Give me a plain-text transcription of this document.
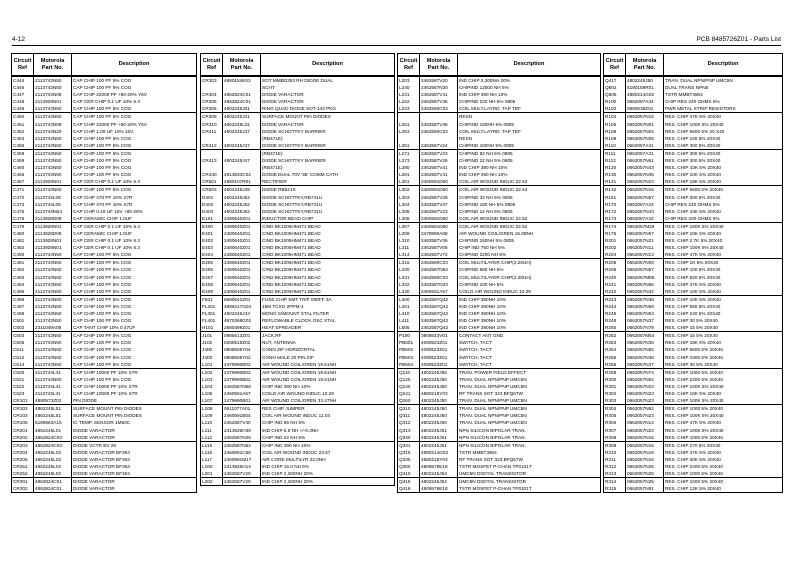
4-12	PCB 8485726Z01 - Parts List
Circuit
Ref	Motorola
Part No.	Description
C444	2113743N50	CAP CHIP 100 PF 5% COG
C445	2113743N50	CAP CHIP 100 PF 5% COG
C447	2113743N08	CAP CHIP 22000 PF +80-20% Y5V
C448	2113928N01	CAP CER CHIP 0.1 UF 10% 6.3
C449	2113743N50	CAP CHIP 100 PF 5% COG
C450	2113743N50	CAP CHIP 100 PF 5% COG
C451	2113743N08	CAP CHIP 22000 PF +80-20% Y5V
C452	2113743N29	CAP CHIP 1.00 UF 10% 16V
C453	2113743N50	CAP CHIP 100 PF 5% COG
C456	2113743N50	CAP CHIP 100 PF 5% COG
C458	2113743N50	CAP CHIP 100 PF 5% COG
C459	2113743N50	CAP CHIP 100 PF 5% COG
C460	2113743N50	CAP CHIP 100 PF 5% COG
C466	2113743N50	CAP CHIP 100 PF 5% COG
C467	2113928N01	CAP CER CHIP 0.1 UF 10% 6.3
C471	2113743N50	CAP CHIP 100 PF 5% COG
C472	2113743L09	CAP CHIP 470 PF 10% X7R
C473	2113743L09	CAP CHIP 470 PF 10% X7R
C475	2113743M24	CAP CHIP 0.10 UF 16V +80-20%
C476	2113928D08	CAP CERAMIC CHIP 1.0UF
C479	2113928N01	CAP CER CHIP 0.1 UF 10% 6.3
C480	2113928D08	CAP CERAMIC CHIP 1.0UF
C481	2113928N01	CAP CER CHIP 0.1 UF 10% 6.3
C482	2113928N01	CAP CER CHIP 0.1 UF 10% 6.3
C490	2113743N50	CAP CHIP 100 PF 5% COG
C491	2113743N50	CAP CHIP 100 PF 5% COG
C492	2113743N50	CAP CHIP 100 PF 5% COG
C493	2113743N50	CAP CHIP 100 PF 5% COG
C494	2113743N50	CAP CHIP 100 PF 5% COG
C495	2113743N50	CAP CHIP 100 PF 5% COG
C496	2113743N50	CAP CHIP 100 PF 5% COG
C497	2113743N50	CAP CHIP 100 PF 5% COG
C498	2113743N50	CAP CHIP 100 PF 5% COG
C501	2113743N50	CAP CHIP 100 PF 5% COG
C502	2311049A08	CAP TANT CHIP 10% 0.47UF
C503	2113743N50	CAP CHIP 100 PF 5% COG
C505	2113743N50	CAP CHIP 100 PF 5% COG
C511	2113743N50	CAP CHIP 100 PF 5% COG
C512	2113743N50	CAP CHIP 100 PF 5% COG
C514	2113743N50	CAP CHIP 100 PF 5% COG
C520	2113743L41	CAP CHIP 10000 PF 10% X7R
C521	2113743N50	CAP CHIP 100 PF 5% COG
C522	2113743L41	CAP CHIP 10000 PF 10% X7R
C523	2113743L41	CAP CHIP 10000 PF 10% X7R
CR101	4880973Z02	PIN DIODE
CR102	4862245L51	SURFACE MOUNT PIN DIODES
CR103	4862245L51	SURFACE MOUNT PIN DIODES
CR105	5185963A15	IC TEMP. SENSOR 1M50C
CR201	4862245L01	DIODE VARACTOR
CR202	4862824C03	DIODE VARACTOR
CR203	4862824C03	DIODE VCTR BV 28
CR204	4862245L02	DIODE VARACTOR BF363
CR205	4862245L02	DIODE VARACTOR BF363
CR251	4862245L02	DIODE VARACTOR BF363
CR252	4862245L02	DIODE VARACTOR BF363
CR301	4862824C01	DIODE VARACTOR
CR302	4862824C01	DIODE VARACTOR
Circuit
Ref	Motorola
Part No.	Description
CR303	4880154K03	SOT MMBD353 RH DIODE DUAL
		SCHT
CR304	4862824C01	DIODE VARACTOR
CR305	4862824C01	DIODE VARACTOR
CR306	4802245J01	RING QUAD DIODE SOT-143 PKG
CR308	4802245J21	SURFACE MOUNT PIN DIODES
CR310	4862245L01	DIODE VARACTOR
CR411	4802245J47	DIODE SCHOTTKY BARRIER
		(RB471E)
CR412	4802245J47	DIODE SCHOTTKY BARRIER
		(RB471E)
CR413	4802245J47	DIODE SCHOTTKY BARRIER
		(RB471E)
CR440	4813833C02	DIODE DUAL 70V '55' COMM CATH
CR501	4880107R01	RECTIFIER
CR503	4802245J49	DIODE RB521S
D401	4802245J62	DIODE SCHOTTKY,RB731U
D402	4802245J62	DIODE SCHOTTKY,RB731U
D403	4802245J62	DIODE SCHOTTKY,RB731U
E101	2480640Z01	INDUCTOR BEAD CHIP
E400	2480640Z01	CIND BK1005HM471 BEAD
E401	2480640Z01	CIND BK1005HM471 BEAD
E402	2480640Z01	CIND BK1005HM471 BEAD
E403	2480640Z01	CIND BK1005HM471 BEAD
E404	2480640Z01	CIND BK1005HM471 BEAD
E405	2480640Z01	CIND BK1005HM471 BEAD
E406	2480640Z01	CIND BK1005HM471 BEAD
E407	2480640Z01	CIND BK1005HM471 BEAD
E408	2480640Z01	CIND BK1005HM471 BEAD
E409	2480640Z01	CIND BK1005HM471 BEAD
F501	6580542Z01	FUSE CHIP SMT TR/F 008FF 3A
FL201	4886217G04	16M TCXO 2PPM-4
FL301	4802245J43	MONO.S/MOUNT XTAL FILTER
FL401	4870368G02	REFLOWABLE CLOCK OSC XTAL
H101	2680499Z01	HEAT SPREADER
J101	0985613Z01	JACK,RF
J102	0280519Z02	NUT, ANTENNA
J400	0905505Y04	CONN ZIF HORIZONTAL
J403	0905505Y02	CONN MALE 20 PIN ZIF
L101	2479990B02	AIR WOUND COIL/GREN 19.61NH
L102	2479990B02	AIR WOUND COIL/GREN 19.61NH
L103	2479990B02	AIR WOUND COIL/GREN 19.61NH
L104	2462587N68	CHIP IND 390 NH 10%
L106	2460591A67	COILD AIR WOUND INDUC 10.29
L107	2479990B01	AIR WOUND COIL/GREN 33.47NH
L108	0611077A01	RES CHIP JUMPER
L109	2460591B04	COIL AIR WOUND INDUC 11.03
L110	2462587V40	CHIP IND 56 NH 5%
L111	2413926H39	IND CHIP 6.8 NH +/-0.3NH
L112	2462587N45	CHIP IND 22 NH 5%
L115	2462587N62	CHIP IND 390 NH 10%
L116	2460591C56	COIL AIR WOUND INDUC 23.57
L117	2460591M17	AIR CORE MULTILYR 22.0NH
L160	2413926H14	IND CHIP 15.0 NH 5%
L201	2462587V20	IND CHIP 2,200NH 20%
L202	2462587V20	IND CHIP 2,200NH 20%
Circuit
Ref	Motorola
Part No.	Description
L203	2462587V20	IND CHIP 2,200NH 20%
L240	2462587N30	CHIPIND 12000 NH 5%
L241	2462587V41	IND CHIP 390 NH 10%
L242	2462587V36	CHIPIND 220 NH 5% 0805
L243	2462590C02	COIL MULT.LAYRD. TAP TEF
		RESN
L251	2462587V36	CHIPIND 150NH 5% 0805
L253	2462590C02	COIL MULT.LAYRD. TAP TEF
		RESN
L261	2462587V24	CHIPIND 100NH 5% 0805
L271	2462587V23	CHIPIND 82 NH 5% 0805
L273	2462587V26	CHIPIND 22 NH 5% 0805
L280	2462587V41	IND CHIP 390 NH 10%
L281	2462587V41	IND CHIP 390 NH 10%
L301	2460591D60	COIL AIR WOUND INDUC 22.54
L302	2460591D60	COIL AIR WOUND INDUC 22.54
L303	2462587V28	CHIPIND 33 NH 5% 0805
L304	2462587V37	CHIPIND 180 NH 5% 0805
L305	2462587V23	CHIPIND 12 NH 5% 0805
L306	2460591D60	COIL AIR WOUND INDUC 22.54
L307	2460591D60	COIL AIR WOUND INDUC 22.54
L309	2479990A08	AIR WOUND COIL/GREN 15.08NH
L310	2462587V36	CHIPIND 150NH 5% 0805
L311	2462587V05	CHIP IND 750 NH 5%
L314	2462587V72	CHIPIND 2200 NH 5%
L315	2462590C03	COIL MULTILAYER CHIP(2.20UH)
L330	2462587N64	CHIPIND 680 NH 5%
L331	2462590C03	COIL MULTILAYER CHIP(2.20UH)
L332	2462587N33	CHIPIND 100 NH 5%
L340	2460591A67	COILD AIR WOUND INDUC 10.29
L400	2462587Q42	IND CHIP 390NH 10%
L401	2462587Q42	IND CHIP 390NH 10%
L410	2462587Q42	IND CHIP 390NH 10%
L411	2462587Q42	IND CHIP 390NH 10%
L505	2462587Q42	IND CHIP 390NH 10%
P100	3905643V01	CONTACT ANT GND
PB501	4080523Z01	SWITCH, TACT
PB502	4080523Z01	SWITCH, TACT
PB503	4080523Z01	SWITCH, TACT
PB504	4080523Z01	SWITCH, TACT
Q110	4802245J55	TRAN. POWER FIELD EFFECT
Q120	4802245J50	TRAN. DUAL NPN/PNP UMC5N
Q240	4802245J50	TRAN. DUAL NPN/PNP UMC5N
Q241	4880218Y03	RF TRANS SOT 323 BFQ67W
Q260	4802245J50	TRAN. DUAL NPN/PNP UMC5N
Q310	4802245J50	TRAN. DUAL NPN/PNP UMC5N
Q311	4802245J50	TRAN. DUAL NPN/PNP UMC5N
Q312	4802245J50	TRAN. DUAL NPN/PNP UMC5N
Q313	4802245J51	NPN SILICON BIPOLAR TRAN.
Q340	4802245J51	NPN SILICON BIPOLAR TRAN.
Q341	4802245J51	NPN SILICON BIPOLAR TRAN.
Q315	4880214G02	TSTR MMBT3904
Q330	4880218Y03	RF TRANS SOT 323 BFQ67W
Q400	4809579E18	TSTR MOSFET P-CHAN TP0101T
Q410	4802245J54	UMC5N DIGITAL TRANSISTOR
Q415	4802245J54	UMC5N DIGITAL TRANSISTOR
Q416	4809579E18	TSTR MOSFET P-CHAN TP0101T
Circuit
Ref	Motorola
Part No.	Description
Q417	4802245J50	TRAN. DUAL NPN/PNP UMC5N
Q502	5180159R01	DUAL TRANS NPN5
Q505	4880214G02	TSTR MMBT3904
R100	0662057A34	CHIP RES 240 OHMS 5%
R102	0680539Z01	PWR METAL STRIP RESISTORS
R104	0662057N15	RES. CHIP 47K 5% 20X40
R106	0662057N01	RES. CHIP 100K 5% 20X40
R108	0662057N04	RES. CHIP 5600 5% 20 X40
R109	0662057N05	RES. CHIP 100 5% 20X40
R110	0662057A31	RES. CHIP 300 5% 20X40
R111	0662057A31	RES. CHIP 300 5% 20X40
R112	0662057N61	RES. CHIP 300 5% 20X40
R120	0662057N43	RES. CHIP 43K 5% 20X40
R130	0662057N45	RES. CHIP 10K 5% 20X40
R131	0662057N23	RES. CHIP 18K 5% 20X40
R132	0662057N16	RES. CHIP 5600 5% 20X40
R161	0662057N57	RES. CHIP 200 5% 20X40
R170	0662057A33	CHIP RES 240 OHMS 5%
R172	0662057N43	RES. CHIP 43K 5% 20X40
R173	0662057A32	CHIP RES 200 OHMS 5%
R174	0662057M29	RES. CHIP 180K 5% 20X40
R175	0662057N57	RES. CHIP 10K 5% 20X40
R201	0662057N21	RES. CHIP 2.7K 5% 20X40
R202	0662057N11	RES. CHIP 100K 5% 20X40
R204	0662057N13	RES. CHIP 47K 5% 20X40
R205	0662057N09	RES. CHIP 1K 5% 20X40
R206	0662057N57	RES. CHIP 100 5% 20X40
R240	0662057M85	RES. CHIP 620 5% 20X40
R241	0662057N66	RES. CHIP 47K 5% 20X40
R242	0662057N32	RES. CHIP 10K 5% 20X40
R243	0662057N38	RES. CHIP 10K 5% 20X40
R244	0662057N59	RES. CHIP 560 5% 20X40
R245	0662057N63	RES. CHIP 240 5% 20X40
R248	0662057N37	RES. CHIP 30 5% 20X40
R250	0662057N79	RES. CHIP 15 5% 20X40
R252	0662057M54	RES. CHIP 15 5% 20X40
R253	0662057N36	RES. CHIP 15K 5% 20X40
R254	0662057N92	RES. CHIP 5600 5% 20X40
R255	0662057N36	RES. CHIP 4300 5% 20X40
R256	0662057N37	RES. CHIP 30 5% 20X40
R258	0662057N74	RES. CHIP 1000 5% 20X40
R300	0662057N62	RES. CHIP 2200 5% 20X40
R301	0662057N23	RES. CHIP 100K 5% 20X40
R302	0662057N23	RES. CHIP 10K 5% 20X40
R303	0662057N23	RES. CHIP 100K 5% 20X40
R304	0662057N62	RES. CHIP 1000 5% 20X40
R305	0662057N23	RES. CHIP 100K 5% 20X40
R306	0662057N14	RES. CHIP 47K 5% 20X40
R307	0662057N23	RES. CHIP 100K 5% 20X40
R308	0662057N16	RES. CHIP 1000 5% 20X40
R309	0662057N16	RES. CHIP 270 5% 20X40
R310	0662057N16	RES. CHIP 47K 5% 20X40
R311	0662057N16	RES. CHIP 30K 5% 20X40
R312	0662057N25	RES. CHIP 2400 5% 20X40
R313	0662057N25	RES. CHIP 1000 5% 20X40
R314	0662057N25	RES. CHIP 1000 5% 20X40
R315	0662057N81	RES. CHIP 12K 5% 20X40
